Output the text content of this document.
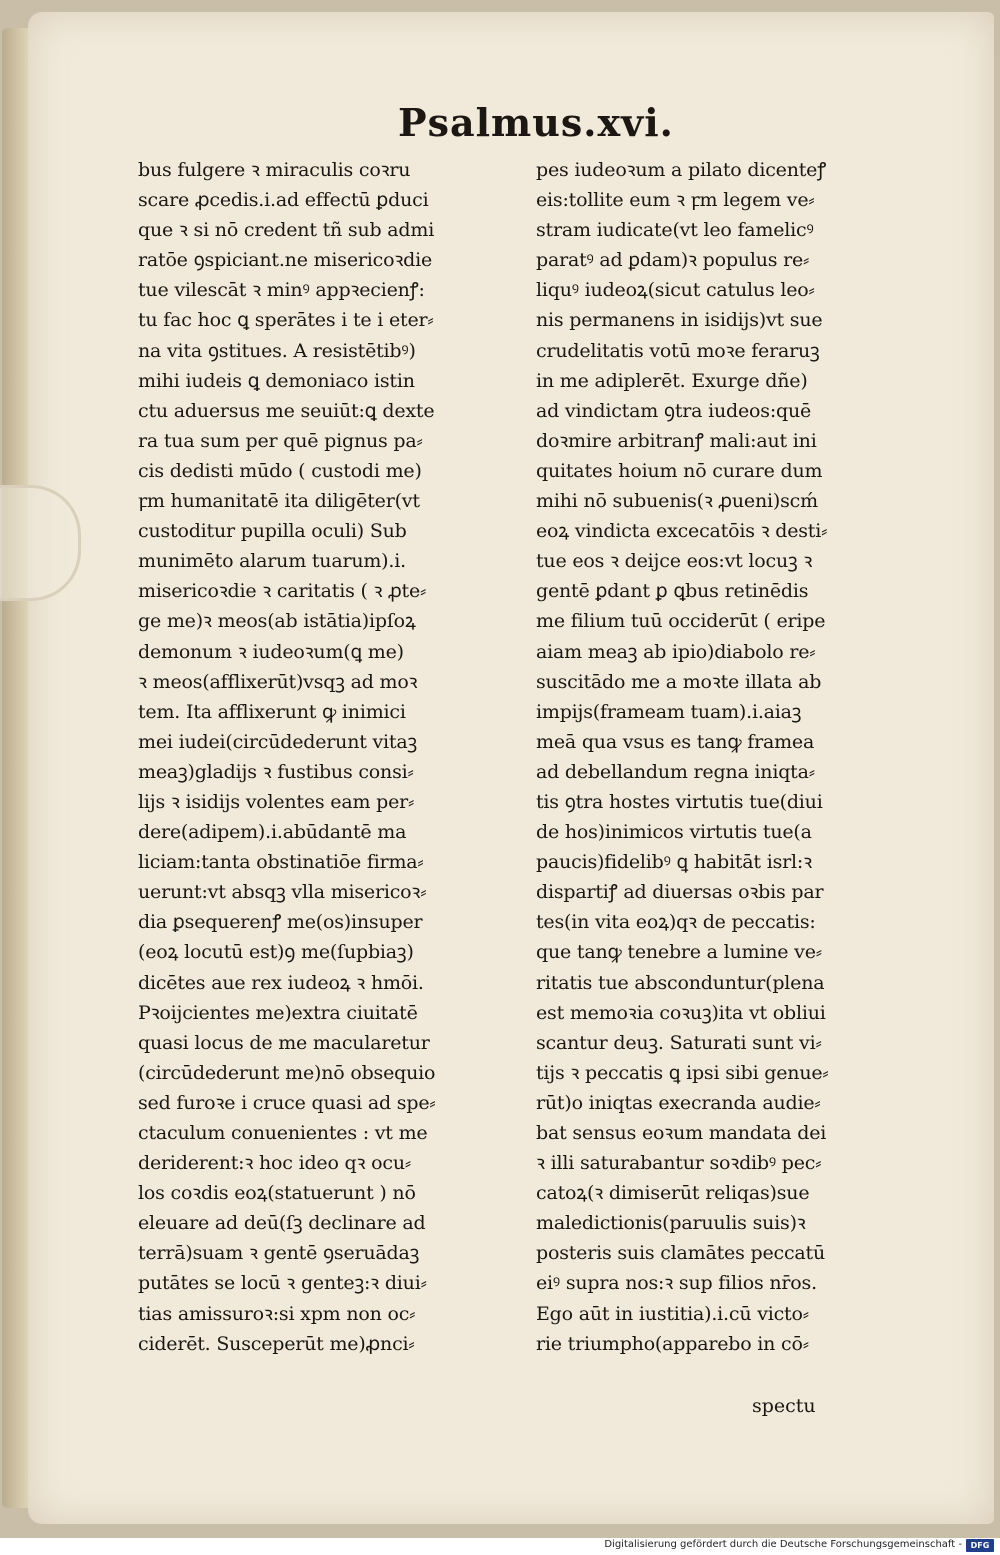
Psalmus.xvi.
bus fulgere ꝛ miraculis coꝛru
scare ꝓcedis.i.ad effectū ꝑduci
que ꝛ si nō credent tñ sub admi
ratōe ꝯspiciant.ne misericoꝛdie
tue vilescāt ꝛ minꝰ appꝛecienꝭ:
tu fac hoc ꝗ sperātes i te i eter⸗
na vita ꝯstitues. A resistētibꝰ)
mihi iudeis ꝗ demoniaco istin
ctu aduersus me seuiūt:ꝗ dexte
ra tua sum per quē pignus pa⸗
cis dedisti mūdo ( custodi me)
ꝼm humanitatē ita diligēter(vt
custoditur pupilla oculi) Sub
munimēto alarum tuarum).i.
misericoꝛdie ꝛ caritatis ( ꝛ ꝓte⸗
ge me)ꝛ meos(ab istātia)ipſoꝝ
demonum ꝛ iudeoꝛum(ꝗ me)
ꝛ meos(afflixerūt)vsqꝫ ad moꝛ
tem. Ita afflixerunt ꝙ inimici
mei iudei(circūdederunt vitaꝫ
meaꝫ)gladijs ꝛ fustibus consi⸗
lijs ꝛ isidijs volentes eam per⸗
dere(adipem).i.abūdantē ma
liciam:tanta obstinatiōe firma⸗
uerunt:vt absqꝫ vlla misericoꝛ⸗
dia ꝑsequerenꝭ me(os)insuper
(eoꝝ locutū est)ꝯ me(ſupbiaꝫ)
dicētes aue rex iudeoꝝ ꝛ hmōi.
Pꝛoijcientes me)extra ciuitatē
quasi locus de me macularetur
(circūdederunt me)nō obsequio
sed furoꝛe i cruce quasi ad spe⸗
ctaculum conuenientes : vt me
deriderent:ꝛ hoc ideo qꝛ ocu⸗
los coꝛdis eoꝝ(statuerunt ) nō
eleuare ad deū(ſꝫ declinare ad
terrā)suam ꝛ gentē ꝯseruādaꝫ
putātes se locū ꝛ genteꝫ:ꝛ diui⸗
tias amissuroꝛ:si xpm non oc⸗
ciderēt. Susceperūt me)ꝓnci⸗
pes iudeoꝛum a pilato dicenteꝭ
eis:tollite eum ꝛ ꝼm legem ve⸗
stram iudicate(vt leo famelicꝰ
paratꝰ ad ꝑdam)ꝛ populus re⸗
liquꝰ iudeoꝝ(sicut catulus leo⸗
nis permanens in isidijs)vt sue
crudelitatis votū moꝛe feraruꝫ
in me adiplerēt. Exurge dñe)
ad vindictam ꝯtra iudeos:quē
doꝛmire arbitranꝭ mali:aut ini
quitates hoium nō curare dum
mihi nō subuenis(ꝛ ꝓueni)scḿ
eoꝝ vindicta excecatōis ꝛ desti⸗
tue eos ꝛ deijce eos:vt locuꝫ ꝛ
gentē ꝑdant ꝑ ꝗbus retinēdis
me filium tuū occiderūt ( eripe
aiam meaꝫ ab ipio)diabolo re⸗
suscitādo me a moꝛte illata ab
impijs(frameam tuam).i.aiaꝫ
meā qua vsus es tanꝙ framea
ad debellandum regna iniqta⸗
tis ꝯtra hostes virtutis tue(diui
de hos)inimicos virtutis tue(a
paucis)fidelibꝰ ꝗ habitāt isrl:ꝛ
dispartiꝭ ad diuersas oꝛbis par
tes(in vita eoꝝ)qꝛ de peccatis:
que tanꝙ tenebre a lumine ve⸗
ritatis tue absconduntur(plena
est memoꝛia coꝛuꝫ)ita vt obliui
scantur deuꝫ. Saturati sunt vi⸗
tijs ꝛ peccatis ꝗ ipsi sibi genue⸗
rūt)o iniqtas execranda audie⸗
bat sensus eoꝛum mandata dei
ꝛ illi saturabantur soꝛdibꝰ pec⸗
catoꝝ(ꝛ dimiserūt reliqas)sue
maledictionis(paruulis suis)ꝛ
posteris suis clamātes peccatū
eiꝰ supra nos:ꝛ sup filios nr̄os.
Ego aūt in iustitia).i.cū victo⸗
rie triumpho(apparebo in cō⸗
spectu
Digitalisierung gefördert durch die Deutsche Forschungsgemeinschaft -	DFG
